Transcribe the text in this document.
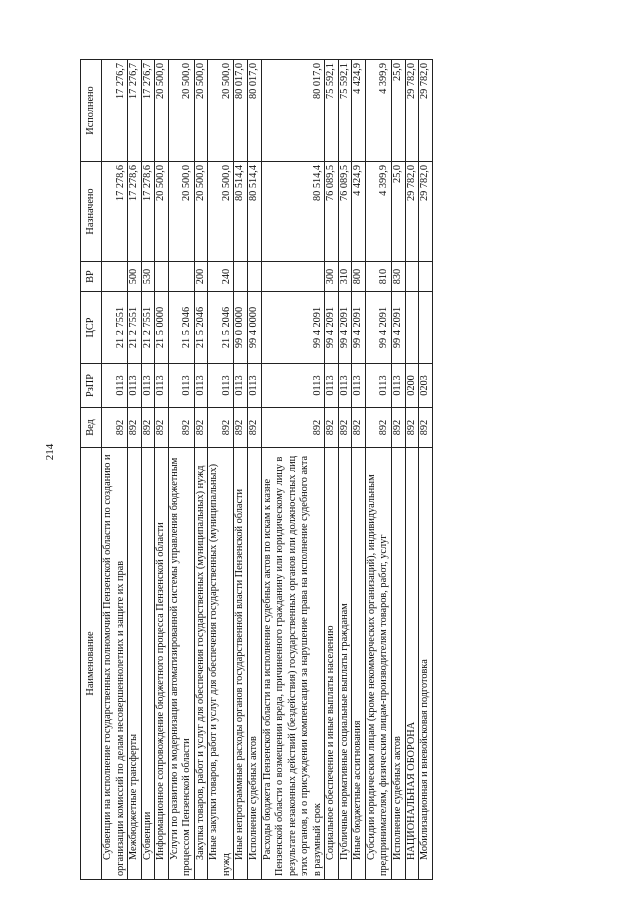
214
Наименование	Вед	РзПР	ЦСР	ВР	Назначено	Исполнено
Субвенции на исполнение государственных полномочий Пензенской области по созданию и организации комиссий по делам несовершеннолетних и защите их прав	892	0113	21 2 7551		17 278,6	17 276,7
Межбюджетные трансферты	892	0113	21 2 7551	500	17 278,6	17 276,7
Субвенции	892	0113	21 2 7551	530	17 278,6	17 276,7
Информационное сопровождение бюджетного процесса Пензенской области	892	0113	21 5 0000		20 500,0	20 500,0
Услуги по развитию и модернизации автоматизированной системы управления бюджетным процессом Пензенской области	892	0113	21 5 2046		20 500,0	20 500,0
Закупка товаров, работ и услуг для обеспечения государственных (муниципальных) нужд	892	0113	21 5 2046	200	20 500,0	20 500,0
Иные закупки товаров, работ и услуг для обеспечения государственных (муниципальных) нужд	892	0113	21 5 2046	240	20 500,0	20 500,0
Иные непрограммные расходы органов государственной власти Пензенской области	892	0113	99 0 0000		80 514,4	80 017,0
Исполнение судебных актов	892	0113	99 4 0000		80 514,4	80 017,0
Расходы бюджета Пензенской области на исполнение судебных актов по искам к казне Пензенской области о возмещении вреда, причиненного гражданину или юридическому лицу в результате незаконных действий (бездействия) государственных органов или должностных лиц этих органов, и о присуждении компенсации за нарушение права на исполнение судебного акта в разумный срок	892	0113	99 4 2091		80 514,4	80 017,0
Социальное обеспечение и иные выплаты населению	892	0113	99 4 2091	300	76 089,5	75 592,1
Публичные нормативные социальные выплаты гражданам	892	0113	99 4 2091	310	76 089,5	75 592,1
Иные бюджетные ассигнования	892	0113	99 4 2091	800	4 424,9	4 424,9
Субсидии юридическим лицам (кроме некоммерческих организаций), индивидуальным предпринимателям, физическим лицам-производителям товаров, работ, услуг	892	0113	99 4 2091	810	4 399,9	4 399,9
Исполнение судебных актов	892	0113	99 4 2091	830	25,0	25,0
НАЦИОНАЛЬНАЯ ОБОРОНА	892	0200			29 782,0	29 782,0
Мобилизационная и вневойсковая подготовка	892	0203			29 782,0	29 782,0
